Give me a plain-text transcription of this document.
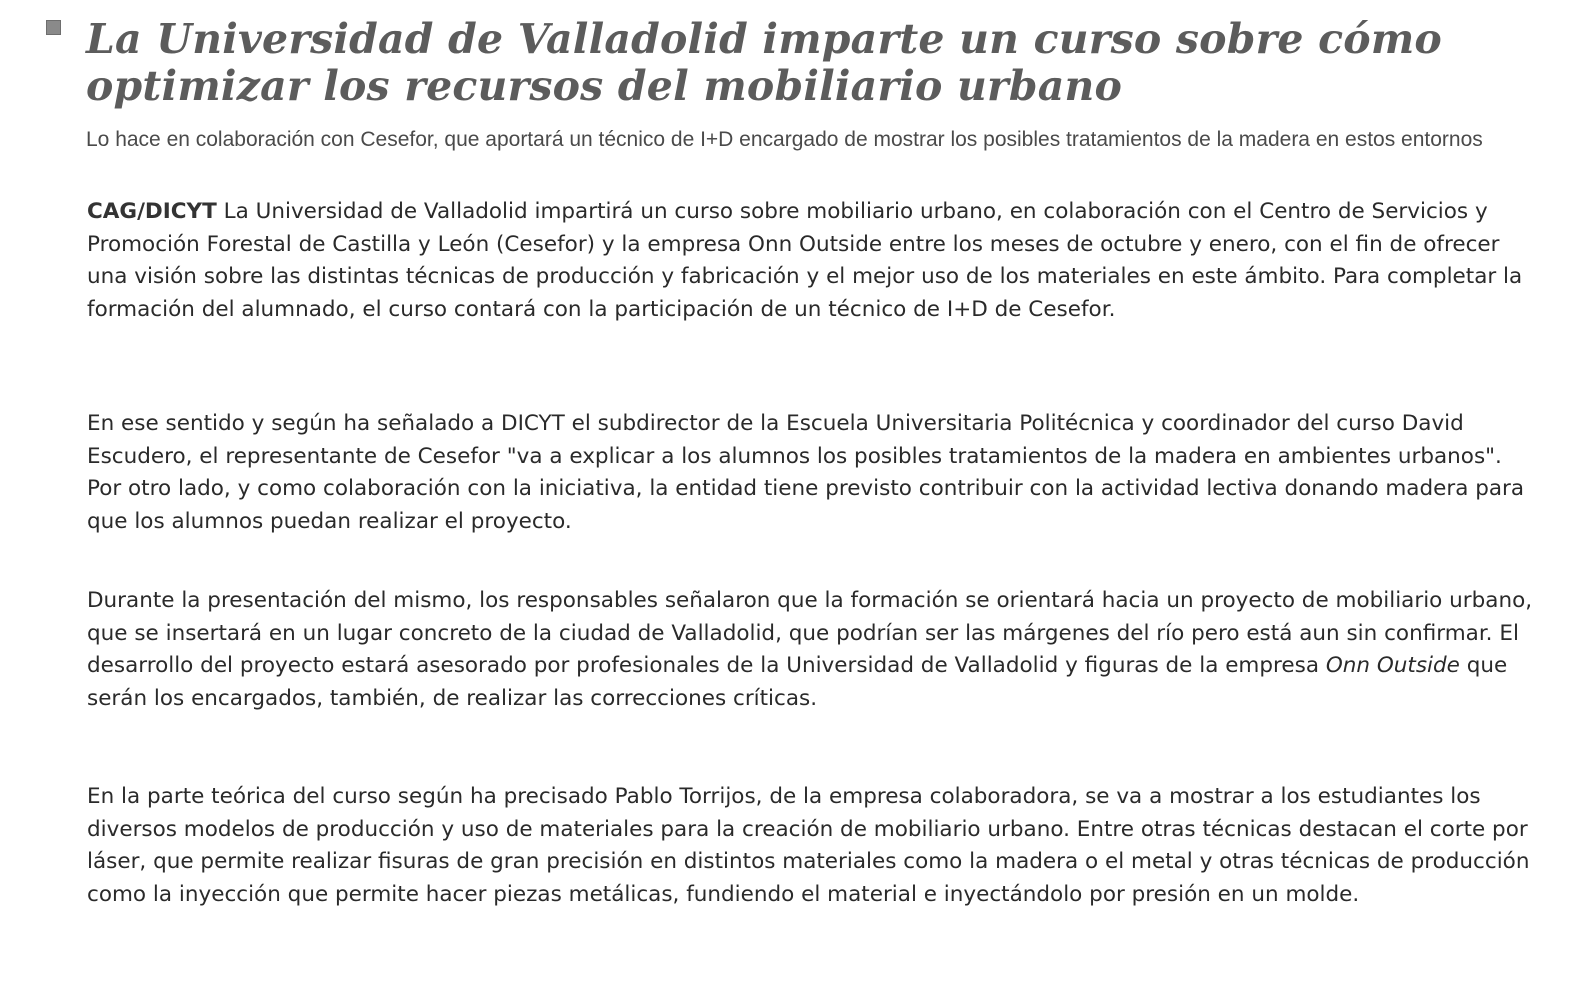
La Universidad de Valladolid imparte un curso sobre cómo optimizar los recursos del mobiliario urbano

Lo hace en colaboración con Cesefor, que aportará un técnico de I+D encargado de mostrar los posibles tratamientos de la madera en estos entornos

CAG/DICYT La Universidad de Valladolid impartirá un curso sobre mobiliario urbano, en colaboración con el Centro de Servicios y Promoción Forestal de Castilla y León (Cesefor) y la empresa Onn Outside entre los meses de octubre y enero, con el fin de ofrecer una visión sobre las distintas técnicas de producción y fabricación y el mejor uso de los materiales en este ámbito. Para completar la formación del alumnado, el curso contará con la participación de un técnico de I+D de Cesefor.

En ese sentido y según ha señalado a DICYT el subdirector de la Escuela Universitaria Politécnica y coordinador del curso David Escudero, el representante de Cesefor "va a explicar a los alumnos los posibles tratamientos de la madera en ambientes urbanos". Por otro lado, y como colaboración con la iniciativa, la entidad tiene previsto contribuir con la actividad lectiva donando madera para que los alumnos puedan realizar el proyecto.

Durante la presentación del mismo, los responsables señalaron que la formación se orientará hacia un proyecto de mobiliario urbano, que se insertará en un lugar concreto de la ciudad de Valladolid, que podrían ser las márgenes del río pero está aun sin confirmar. El desarrollo del proyecto estará asesorado por profesionales de la Universidad de Valladolid y figuras de la empresa Onn Outside que serán los encargados, también, de realizar las correcciones críticas.

En la parte teórica del curso según ha precisado Pablo Torrijos, de la empresa colaboradora, se va a mostrar a los estudiantes los diversos modelos de producción y uso de materiales para la creación de mobiliario urbano. Entre otras técnicas destacan el corte por láser, que permite realizar fisuras de gran precisión en distintos materiales como la madera o el metal y otras técnicas de producción como la inyección que permite hacer piezas metálicas, fundiendo el material e inyectándolo por presión en un molde.
